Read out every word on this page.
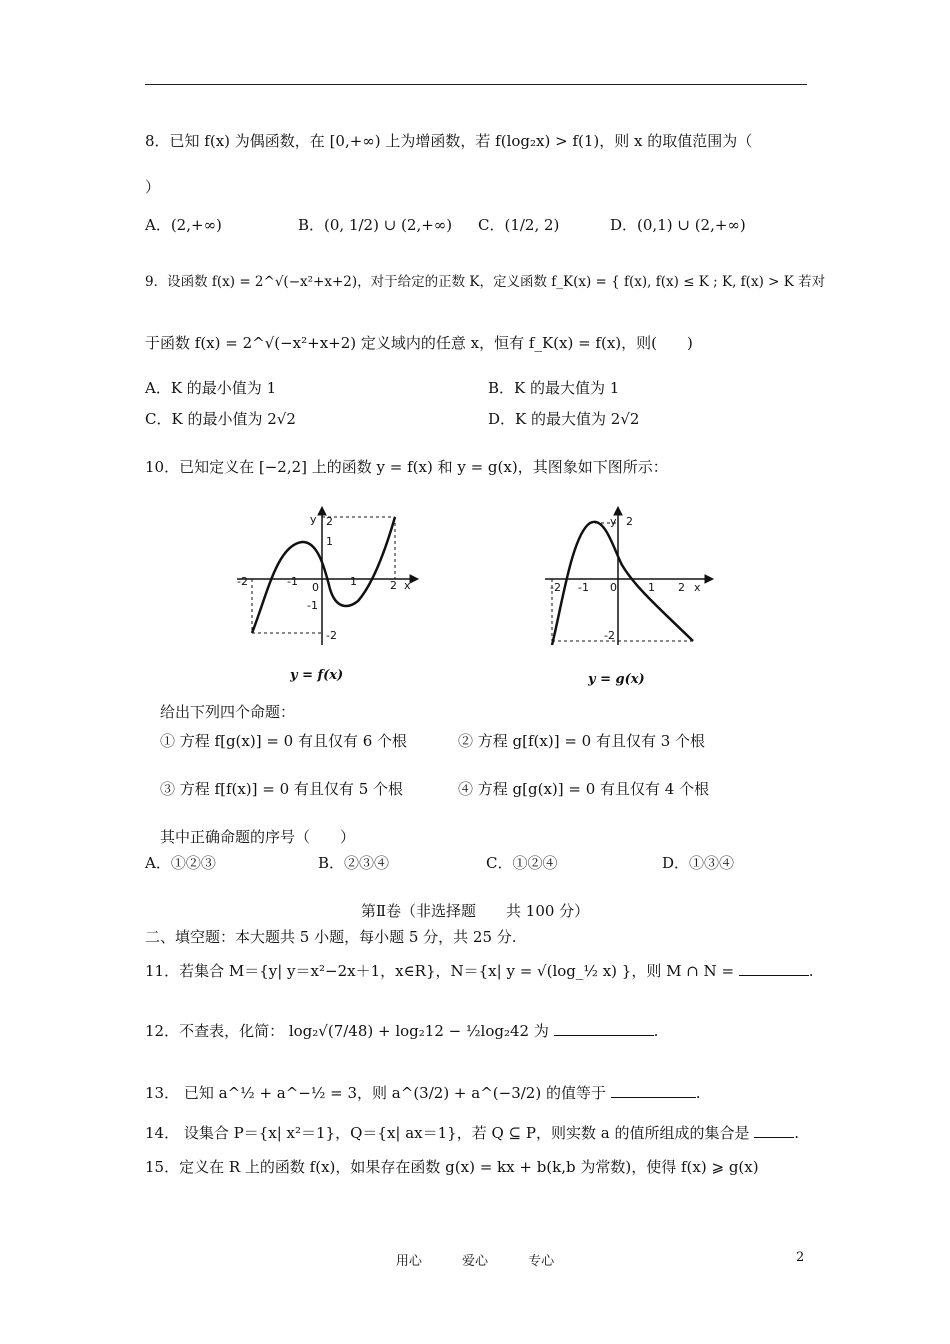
8．已知 f(x) 为偶函数，在 [0,+∞) 上为增函数，若 f(log₂x) > f(1)，则 x 的取值范围为（
）
A．(2,+∞)	B．(0, 1/2) ∪ (2,+∞) C．(1/2, 2)	D．(0,1) ∪ (2,+∞)
9．设函数 f(x) = 2^√(−x²+x+2)，对于给定的正数 K，定义函数 f_K(x) = { f(x), f(x) ≤ K ; K, f(x) > K 若对
于函数 f(x) = 2^√(−x²+x+2) 定义域内的任意 x，恒有 f_K(x) = f(x)，则(　　)
A．K 的最小值为 1	B．K 的最大值为 1
C．K 的最小值为 2√2	D．K 的最大值为 2√2
10．已知定义在 [−2,2] 上的函数 y = f(x) 和 y = g(x)，其图象如下图所示：
y 2
1
-2	-1 0	1	2 x
-1
-2
y = f(x)
y 2
-2 -1 0	1 2 x
-2
y = g(x)
给出下列四个命题：
① 方程 f[g(x)] = 0 有且仅有 6 个根	② 方程 g[f(x)] = 0 有且仅有 3 个根
③ 方程 f[f(x)] = 0 有且仅有 5 个根	④ 方程 g[g(x)] = 0 有且仅有 4 个根
其中正确命题的序号（　　）
A．①②③	B．②③④	C．①②④	D．①③④
第Ⅱ卷（非选择题　　共 100 分）
二、填空题：本大题共 5 小题，每小题 5 分，共 25 分.
11．若集合 M＝{y| y＝x²−2x＋1，x∈R}，N＝{x| y = √(log_½ x) }，则 M ∩ N =	.
12．不查表，化简： log₂√(7/48) + log₂12 − ½log₂42 为	.
13． 已知 a^½ + a^−½ = 3，则 a^(3/2) + a^(−3/2) 的值等于	.
14． 设集合 P＝{x| x²＝1}，Q＝{x| ax＝1}，若 Q ⊆ P，则实数 a 的值所组成的集合是	.
15．定义在 R 上的函数 f(x)，如果存在函数 g(x) = kx + b(k,b 为常数)，使得 f(x) ⩾ g(x)
用心	爱心	专心	2
